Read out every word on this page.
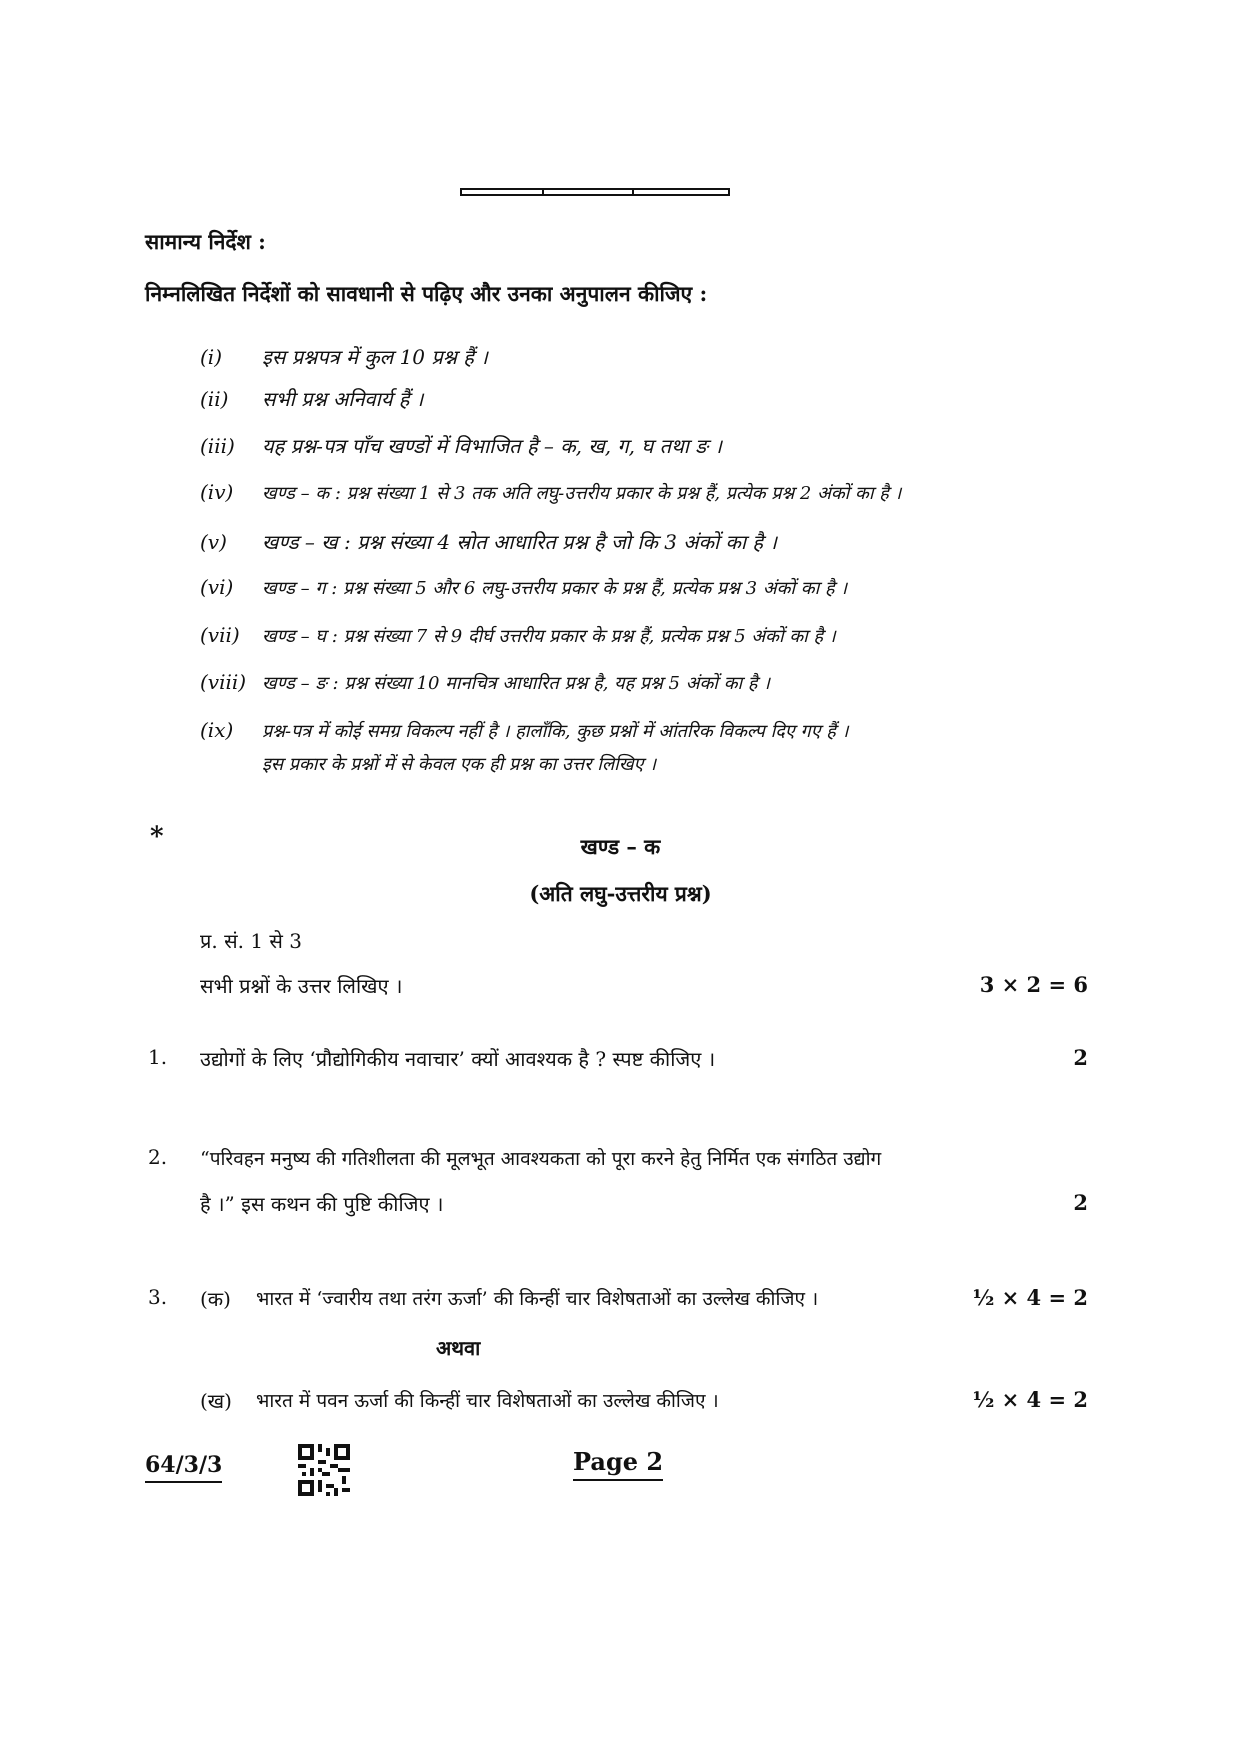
सामान्य निर्देश :
निम्नलिखित निर्देशों को सावधानी से पढ़िए और उनका अनुपालन कीजिए :
(i) इस प्रश्नपत्र में कुल 10 प्रश्न हैं ।
(ii) सभी प्रश्न अनिवार्य हैं ।
(iii) यह प्रश्न-पत्र पाँच खण्डों में विभाजित है – क, ख, ग, घ तथा ङ ।
(iv) खण्ड – क : प्रश्न संख्या 1 से 3 तक अति लघु-उत्तरीय प्रकार के प्रश्न हैं, प्रत्येक प्रश्न 2 अंकों का है ।
(v) खण्ड – ख : प्रश्न संख्या 4 स्रोत आधारित प्रश्न है जो कि 3 अंकों का है ।
(vi) खण्ड – ग : प्रश्न संख्या 5 और 6 लघु-उत्तरीय प्रकार के प्रश्न हैं, प्रत्येक प्रश्न 3 अंकों का है ।
(vii) खण्ड – घ : प्रश्न संख्या 7 से 9 दीर्घ उत्तरीय प्रकार के प्रश्न हैं, प्रत्येक प्रश्न 5 अंकों का है ।
(viii) खण्ड – ङ : प्रश्न संख्या 10 मानचित्र आधारित प्रश्न है, यह प्रश्न 5 अंकों का है ।
(ix) प्रश्न-पत्र में कोई समग्र विकल्प नहीं है । हालाँकि, कुछ प्रश्नों में आंतरिक विकल्प दिए गए हैं ।
इस प्रकार के प्रश्नों में से केवल एक ही प्रश्न का उत्तर लिखिए ।
*	खण्ड – क
(अति लघु-उत्तरीय प्रश्न)
प्र. सं. 1 से 3
सभी प्रश्नों के उत्तर लिखिए ।	3 × 2 = 6
1. उद्योगों के लिए ‘प्रौद्योगिकीय नवाचार’ क्यों आवश्यक है ? स्पष्ट कीजिए ।	2
2. “परिवहन मनुष्य की गतिशीलता की मूलभूत आवश्यकता को पूरा करने हेतु निर्मित एक संगठित उद्योग
है ।” इस कथन की पुष्टि कीजिए ।	2
3. (क) भारत में ‘ज्वारीय तथा तरंग ऊर्जा’ की किन्हीं चार विशेषताओं का उल्लेख कीजिए ।	½ × 4 = 2
अथवा
(ख) भारत में पवन ऊर्जा की किन्हीं चार विशेषताओं का उल्लेख कीजिए ।	½ × 4 = 2
64/3/3	Page 2
